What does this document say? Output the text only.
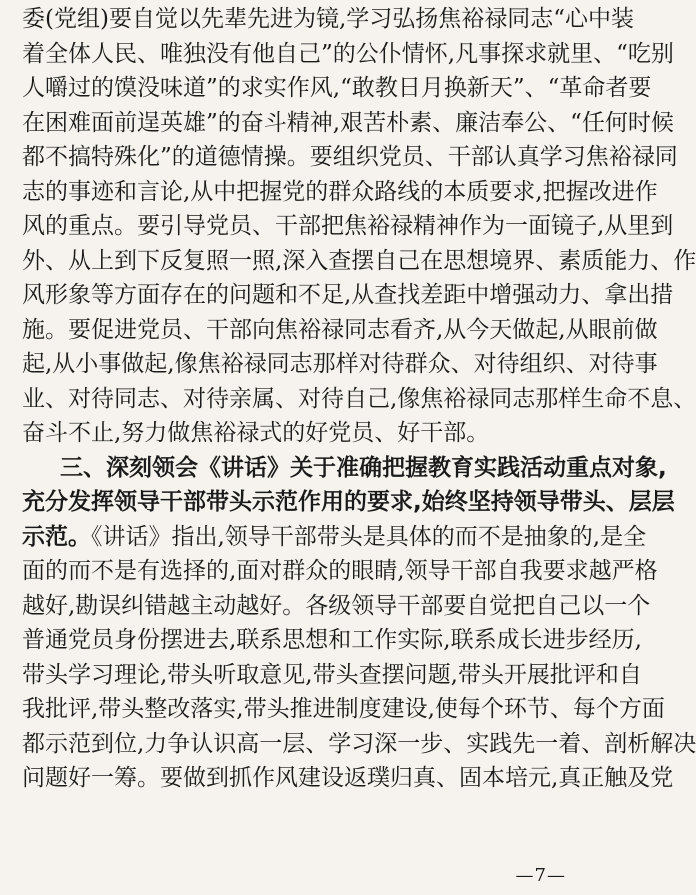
委(党组)要自觉以先辈先进为镜,学习弘扬焦裕禄同志“心中装
着全体人民、唯独没有他自己”的公仆情怀,凡事探求就里、“吃别
人嚼过的馍没味道”的求实作风,“敢教日月换新天”、“革命者要
在困难面前逞英雄”的奋斗精神,艰苦朴素、廉洁奉公、“任何时候
都不搞特殊化”的道德情操。要组织党员、干部认真学习焦裕禄同
志的事迹和言论,从中把握党的群众路线的本质要求,把握改进作
风的重点。要引导党员、干部把焦裕禄精神作为一面镜子,从里到
外、从上到下反复照一照,深入查摆自己在思想境界、素质能力、作
风形象等方面存在的问题和不足,从查找差距中增强动力、拿出措
施。要促进党员、干部向焦裕禄同志看齐,从今天做起,从眼前做
起,从小事做起,像焦裕禄同志那样对待群众、对待组织、对待事
业、对待同志、对待亲属、对待自己,像焦裕禄同志那样生命不息、
奋斗不止,努力做焦裕禄式的好党员、好干部。
三、深刻领会《讲话》关于准确把握教育实践活动重点对象,
充分发挥领导干部带头示范作用的要求,始终坚持领导带头、层层
示范。《讲话》指出,领导干部带头是具体的而不是抽象的,是全
面的而不是有选择的,面对群众的眼睛,领导干部自我要求越严格
越好,勘误纠错越主动越好。各级领导干部要自觉把自己以一个
普通党员身份摆进去,联系思想和工作实际,联系成长进步经历,
带头学习理论,带头听取意见,带头查摆问题,带头开展批评和自
我批评,带头整改落实,带头推进制度建设,使每个环节、每个方面
都示范到位,力争认识高一层、学习深一步、实践先一着、剖析解决
问题好一筹。要做到抓作风建设返璞归真、固本培元,真正触及党
—7—
